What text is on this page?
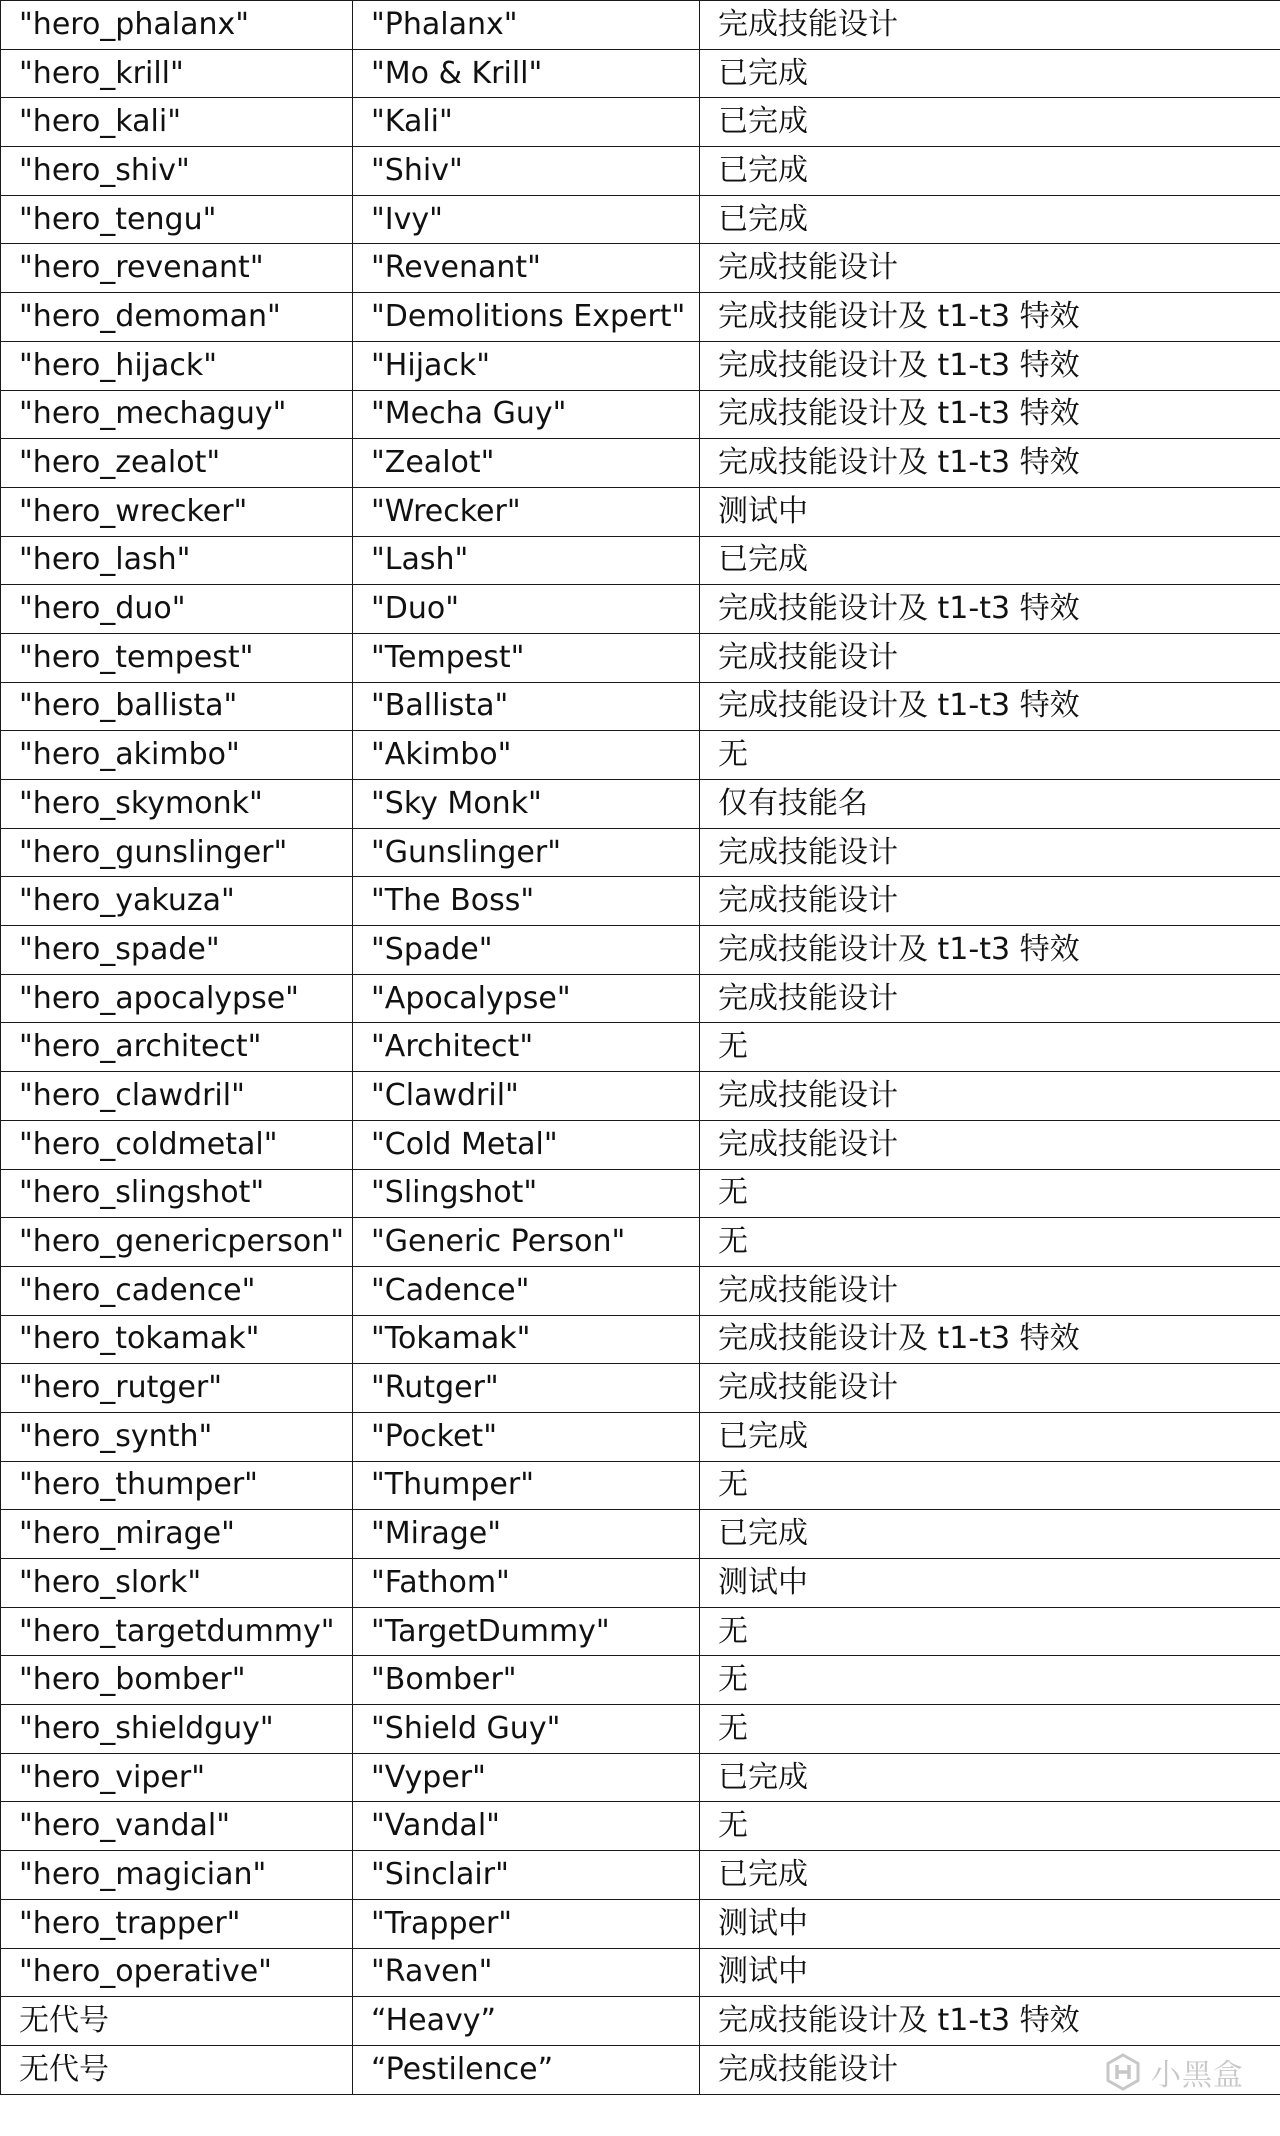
"hero_phalanx"	"Phalanx"	完成技能设计
"hero_krill"	"Mo & Krill"	已完成
"hero_kali"	"Kali"	已完成
"hero_shiv"	"Shiv"	已完成
"hero_tengu"	"Ivy"	已完成
"hero_revenant"	"Revenant"	完成技能设计
"hero_demoman"	"Demolitions Expert"	完成技能设计及 t1-t3 特效
"hero_hijack"	"Hijack"	完成技能设计及 t1-t3 特效
"hero_mechaguy"	"Mecha Guy"	完成技能设计及 t1-t3 特效
"hero_zealot"	"Zealot"	完成技能设计及 t1-t3 特效
"hero_wrecker"	"Wrecker"	测试中
"hero_lash"	"Lash"	已完成
"hero_duo"	"Duo"	完成技能设计及 t1-t3 特效
"hero_tempest"	"Tempest"	完成技能设计
"hero_ballista"	"Ballista"	完成技能设计及 t1-t3 特效
"hero_akimbo"	"Akimbo"	无
"hero_skymonk"	"Sky Monk"	仅有技能名
"hero_gunslinger"	"Gunslinger"	完成技能设计
"hero_yakuza"	"The Boss"	完成技能设计
"hero_spade"	"Spade"	完成技能设计及 t1-t3 特效
"hero_apocalypse"	"Apocalypse"	完成技能设计
"hero_architect"	"Architect"	无
"hero_clawdril"	"Clawdril"	完成技能设计
"hero_coldmetal"	"Cold Metal"	完成技能设计
"hero_slingshot"	"Slingshot"	无
"hero_genericperson"	"Generic Person"	无
"hero_cadence"	"Cadence"	完成技能设计
"hero_tokamak"	"Tokamak"	完成技能设计及 t1-t3 特效
"hero_rutger"	"Rutger"	完成技能设计
"hero_synth"	"Pocket"	已完成
"hero_thumper"	"Thumper"	无
"hero_mirage"	"Mirage"	已完成
"hero_slork"	"Fathom"	测试中
"hero_targetdummy"	"TargetDummy"	无
"hero_bomber"	"Bomber"	无
"hero_shieldguy"	"Shield Guy"	无
"hero_viper"	"Vyper"	已完成
"hero_vandal"	"Vandal"	无
"hero_magician"	"Sinclair"	已完成
"hero_trapper"	"Trapper"	测试中
"hero_operative"	"Raven"	测试中
无代号	“Heavy”	完成技能设计及 t1-t3 特效
无代号	“Pestilence”	完成技能设计	小黑盒
